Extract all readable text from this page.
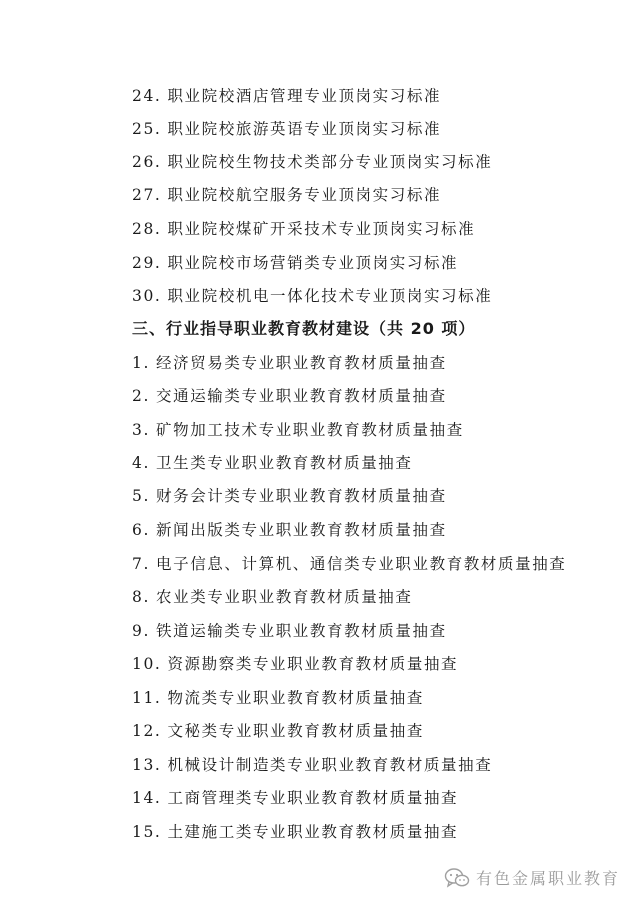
24. 职业院校酒店管理专业顶岗实习标准
25. 职业院校旅游英语专业顶岗实习标准
26. 职业院校生物技术类部分专业顶岗实习标准
27. 职业院校航空服务专业顶岗实习标准
28. 职业院校煤矿开采技术专业顶岗实习标准
29. 职业院校市场营销类专业顶岗实习标准
30. 职业院校机电一体化技术专业顶岗实习标准
三、行业指导职业教育教材建设（共 20 项）
1. 经济贸易类专业职业教育教材质量抽查
2. 交通运输类专业职业教育教材质量抽查
3. 矿物加工技术专业职业教育教材质量抽查
4. 卫生类专业职业教育教材质量抽查
5. 财务会计类专业职业教育教材质量抽查
6. 新闻出版类专业职业教育教材质量抽查
7. 电子信息、计算机、通信类专业职业教育教材质量抽查
8. 农业类专业职业教育教材质量抽查
9. 铁道运输类专业职业教育教材质量抽查
10. 资源勘察类专业职业教育教材质量抽查
11. 物流类专业职业教育教材质量抽查
12. 文秘类专业职业教育教材质量抽查
13. 机械设计制造类专业职业教育教材质量抽查
14. 工商管理类专业职业教育教材质量抽查
15. 土建施工类专业职业教育教材质量抽查
有色金属职业教育
